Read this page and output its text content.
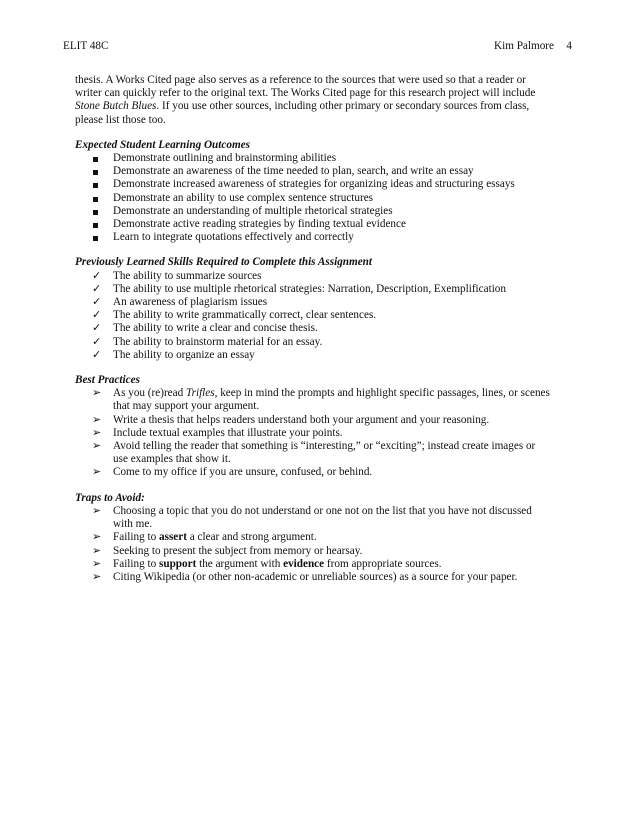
ELIT 48C	Kim Palmore 4

thesis. A Works Cited page also serves as a reference to the sources that were used so that a reader or

writer can quickly refer to the original text. The Works Cited page for this research project will include

Stone Butch Blues. If you use other sources, including other primary or secondary sources from class,

please list those too.

Expected Student Learning Outcomes

Demonstrate outlining and brainstorming abilities
Demonstrate an awareness of the time needed to plan, search, and write an essay
Demonstrate increased awareness of strategies for organizing ideas and structuring essays
Demonstrate an ability to use complex sentence structures
Demonstrate an understanding of multiple rhetorical strategies
Demonstrate active reading strategies by finding textual evidence
Learn to integrate quotations effectively and correctly

Previously Learned Skills Required to Complete this Assignment

✓ The ability to summarize sources
✓ The ability to use multiple rhetorical strategies: Narration, Description, Exemplification
✓ An awareness of plagiarism issues
✓ The ability to write grammatically correct, clear sentences.
✓ The ability to write a clear and concise thesis.
✓ The ability to brainstorm material for an essay.
✓ The ability to organize an essay

Best Practices

➢ As you (re)read Trifles, keep in mind the prompts and highlight specific passages, lines, or scenes
that may support your argument.
➢ Write a thesis that helps readers understand both your argument and your reasoning.
➢ Include textual examples that illustrate your points.
➢ Avoid telling the reader that something is “interesting,” or “exciting”; instead create images or
use examples that show it.
➢ Come to my office if you are unsure, confused, or behind.

Traps to Avoid:

➢ Choosing a topic that you do not understand or one not on the list that you have not discussed
with me.
➢ Failing to assert a clear and strong argument.
➢ Seeking to present the subject from memory or hearsay.
➢ Failing to support the argument with evidence from appropriate sources.
➢ Citing Wikipedia (or other non-academic or unreliable sources) as a source for your paper.
